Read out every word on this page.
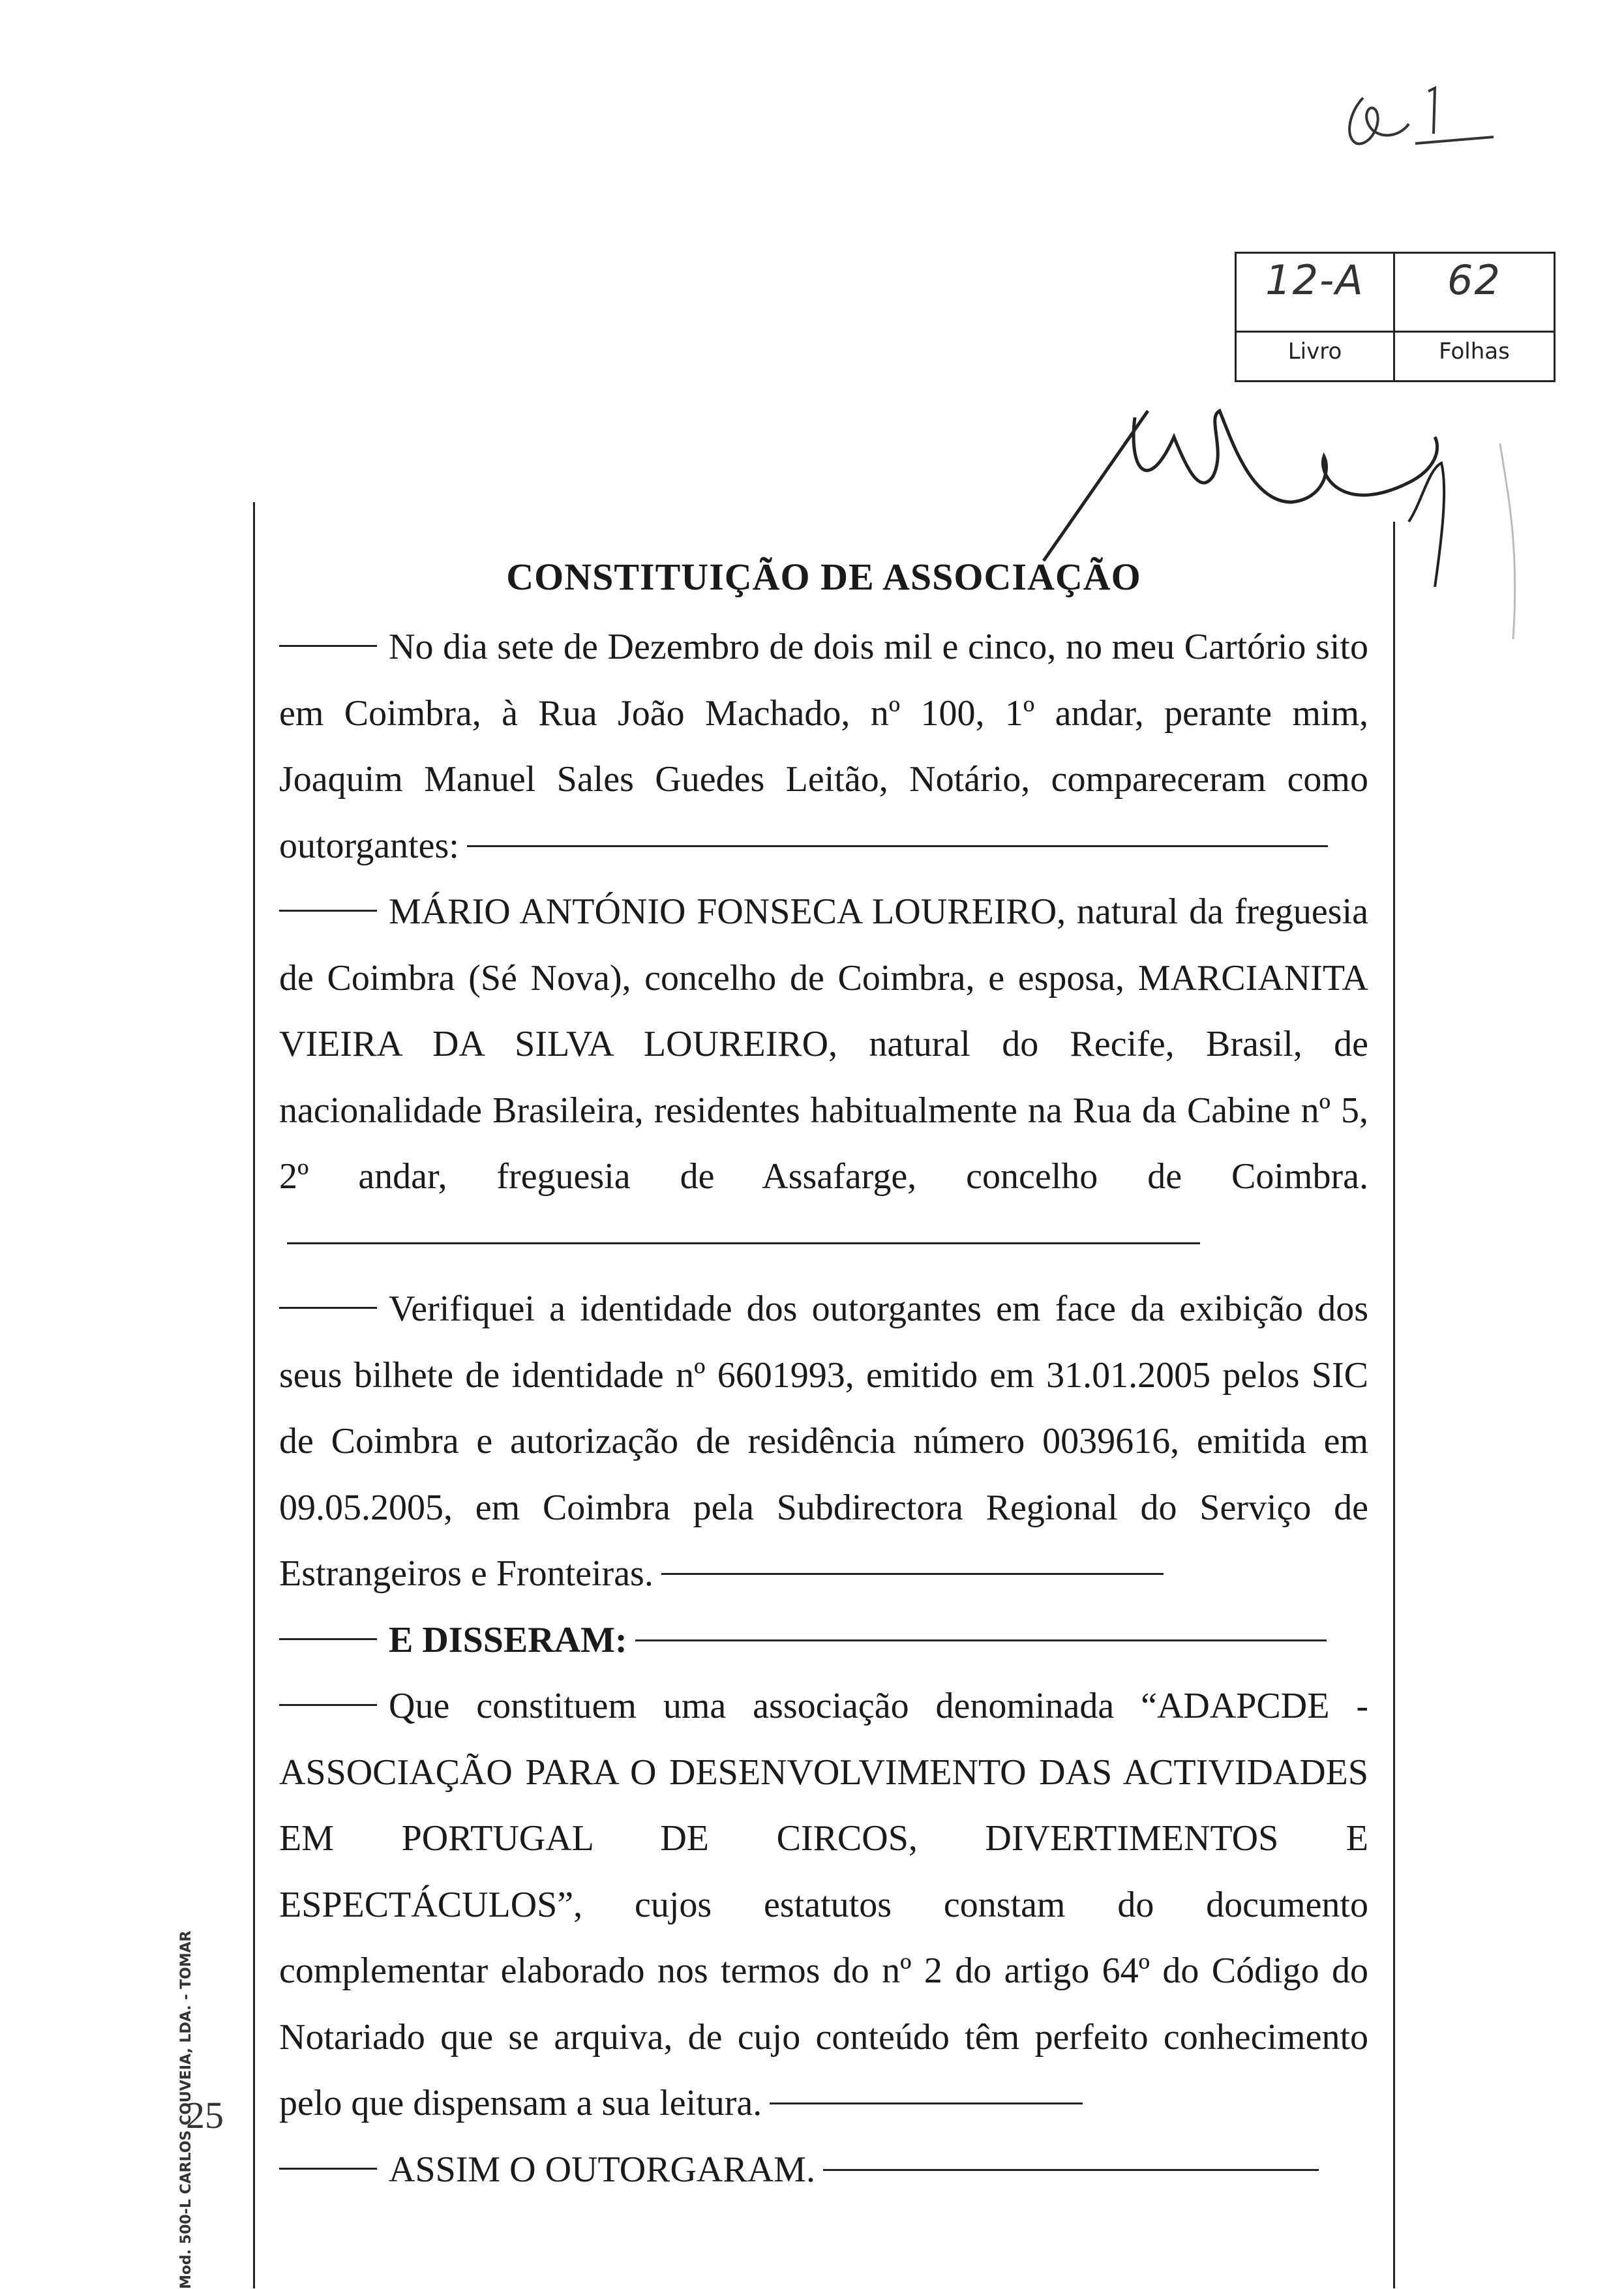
12-A
Livro
62
Folhas
Mod. 500-L CARLOS COUVEIA, LDA. - TOMAR
25
CONSTITUIÇÃO DE ASSOCIAÇÃO

No dia sete de Dezembro de dois mil e cinco, no meu Cartório sito em Coimbra, à Rua João Machado, nº 100, 1º andar, perante mim, Joaquim Manuel Sales Guedes Leitão, Notário, compareceram como outorgantes:

MÁRIO ANTÓNIO FONSECA LOUREIRO, natural da freguesia de Coimbra (Sé Nova), concelho de Coimbra, e esposa, MARCIANITA VIEIRA DA SILVA LOUREIRO, natural do Recife, Brasil, de nacionalidade Brasileira, residentes habitualmente na Rua da Cabine nº 5, 2º andar, freguesia de Assafarge, concelho de Coimbra.

Verifiquei a identidade dos outorgantes em face da exibição dos seus bilhete de identidade nº 6601993, emitido em 31.01.2005 pelos SIC de Coimbra e autorização de residência número 0039616, emitida em 09.05.2005, em Coimbra pela Subdirectora Regional do Serviço de Estrangeiros e Fronteiras.

E DISSERAM:

Que constituem uma associação denominada “ADAPCDE - ASSOCIAÇÃO PARA O DESENVOLVIMENTO DAS ACTIVIDADES EM PORTUGAL DE CIRCOS, DIVERTIMENTOS E ESPECTÁCULOS”, cujos estatutos constam do documento complementar elaborado nos termos do nº 2 do artigo 64º do Código do Notariado que se arquiva, de cujo conteúdo têm perfeito conhecimento pelo que dispensam a sua leitura.

ASSIM O OUTORGARAM.
